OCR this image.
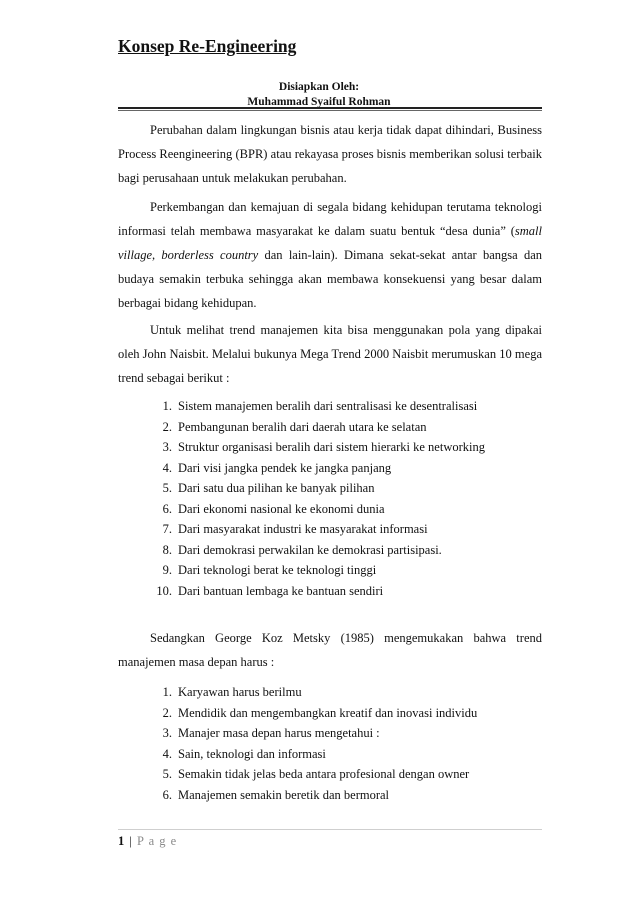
Konsep Re-Engineering
Disiapkan Oleh:
Muhammad Syaiful Rohman

Perubahan dalam lingkungan bisnis atau kerja tidak dapat dihindari, Business Process Reengineering (BPR) atau rekayasa proses bisnis memberikan solusi terbaik bagi perusahaan untuk melakukan perubahan.

Perkembangan dan kemajuan di segala bidang kehidupan terutama teknologi informasi telah membawa masyarakat ke dalam suatu bentuk “desa dunia” (small village, borderless country dan lain-lain). Dimana sekat-sekat antar bangsa dan budaya semakin terbuka sehingga akan membawa konsekuensi yang besar dalam berbagai bidang kehidupan.

Untuk melihat trend manajemen kita bisa menggunakan pola yang dipakai oleh John Naisbit. Melalui bukunya Mega Trend 2000 Naisbit merumuskan 10 mega trend sebagai berikut :

1. Sistem manajemen beralih dari sentralisasi ke desentralisasi
2. Pembangunan beralih dari daerah utara ke selatan
3. Struktur organisasi beralih dari sistem hierarki ke networking
4. Dari visi jangka pendek ke jangka panjang
5. Dari satu dua pilihan ke banyak pilihan
6. Dari ekonomi nasional ke ekonomi dunia
7. Dari masyarakat industri ke masyarakat informasi
8. Dari demokrasi perwakilan ke demokrasi partisipasi.
9. Dari teknologi berat ke teknologi tinggi
10. Dari bantuan lembaga ke bantuan sendiri

Sedangkan George Koz Metsky (1985) mengemukakan bahwa trend manajemen masa depan harus :

1. Karyawan harus berilmu
2. Mendidik dan mengembangkan kreatif dan inovasi individu
3. Manajer masa depan harus mengetahui :
4. Sain, teknologi dan informasi
5. Semakin tidak jelas beda antara profesional dengan owner
6. Manajemen semakin beretik dan bermoral
1 | P a g e
